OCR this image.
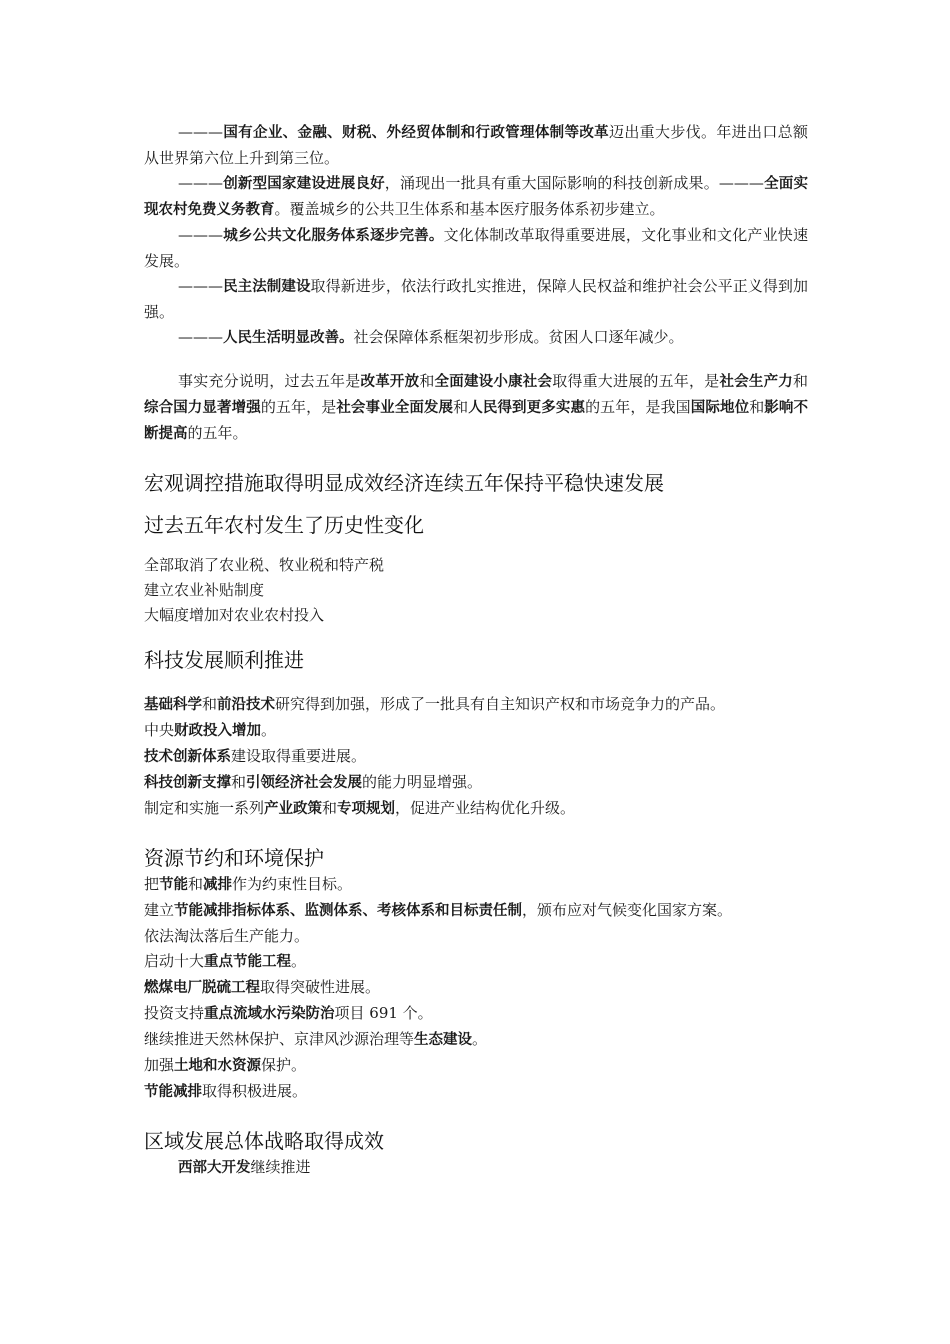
———国有企业、金融、财税、外经贸体制和行政管理体制等改革迈出重大步伐。年进出口总额从世界第六位上升到第三位。

———创新型国家建设进展良好，涌现出一批具有重大国际影响的科技创新成果。———全面实现农村免费义务教育。覆盖城乡的公共卫生体系和基本医疗服务体系初步建立。

———城乡公共文化服务体系逐步完善。文化体制改革取得重要进展，文化事业和文化产业快速发展。

———民主法制建设取得新进步，依法行政扎实推进，保障人民权益和维护社会公平正义得到加强。

———人民生活明显改善。社会保障体系框架初步形成。贫困人口逐年减少。

事实充分说明，过去五年是改革开放和全面建设小康社会取得重大进展的五年，是社会生产力和综合国力显著增强的五年，是社会事业全面发展和人民得到更多实惠的五年，是我国国际地位和影响不断提高的五年。

宏观调控措施取得明显成效经济连续五年保持平稳快速发展
过去五年农村发生了历史性变化

全部取消了农业税、牧业税和特产税

建立农业补贴制度

大幅度增加对农业农村投入

科技发展顺利推进

基础科学和前沿技术研究得到加强，形成了一批具有自主知识产权和市场竞争力的产品。

中央财政投入增加。

技术创新体系建设取得重要进展。

科技创新支撑和引领经济社会发展的能力明显增强。

制定和实施一系列产业政策和专项规划，促进产业结构优化升级。

资源节约和环境保护

把节能和减排作为约束性目标。

建立节能减排指标体系、监测体系、考核体系和目标责任制，颁布应对气候变化国家方案。

依法淘汰落后生产能力。

启动十大重点节能工程。

燃煤电厂脱硫工程取得突破性进展。

投资支持重点流域水污染防治项目 691 个。

继续推进天然林保护、京津风沙源治理等生态建设。

加强土地和水资源保护。

节能减排取得积极进展。

区域发展总体战略取得成效

西部大开发继续推进
